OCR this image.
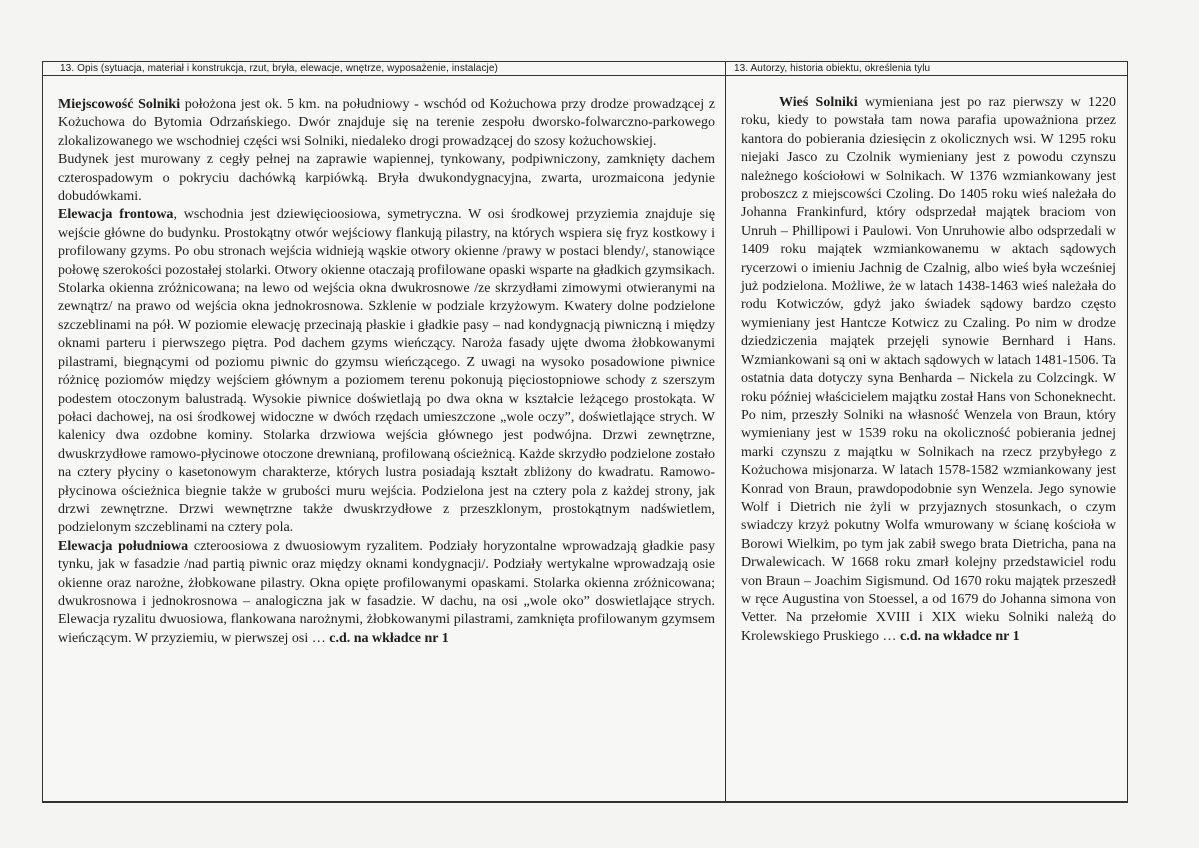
13. Opis (sytuacja, materiał i konstrukcja, rzut, bryła, elewacje, wnętrze, wyposażenie, instalacje)

Miejscowość Solniki położona jest ok. 5 km. na południowy - wschód od Kożuchowa przy drodze prowadzącej z Kożuchowa do Bytomia Odrzańskiego. Dwór znajduje się na terenie zespołu dworsko-folwarczno-parkowego zlokalizowanego we wschodniej części wsi Solniki, niedaleko drogi prowadzącej do szosy kożuchowskiej.

Budynek jest murowany z cegły pełnej na zaprawie wapiennej, tynkowany, podpiwniczony, zamknięty dachem czterospadowym o pokryciu dachówką karpiówką. Bryła dwukondygnacyjna, zwarta, urozmaicona jedynie dobudówkami.

Elewacja frontowa, wschodnia jest dziewięcioosiowa, symetryczna. W osi środkowej przyziemia znajduje się wejście główne do budynku. Prostokątny otwór wejściowy flankują pilastry, na których wspiera się fryz kostkowy i profilowany gzyms. Po obu stronach wejścia widnieją wąskie otwory okienne /prawy w postaci blendy/, stanowiące połowę szerokości pozostałej stolarki. Otwory okienne otaczają profilowane opaski wsparte na gładkich gzymsikach. Stolarka okienna zróżnicowana; na lewo od wejścia okna dwukrosnowe /ze skrzydłami zimowymi otwieranymi na zewnątrz/ na prawo od wejścia okna jednokrosnowa. Szklenie w podziale krzyżowym. Kwatery dolne podzielone szczeblinami na pół. W poziomie elewację przecinają płaskie i gładkie pasy – nad kondygnacją piwniczną i między oknami parteru i pierwszego piętra. Pod dachem gzyms wieńczący. Naroża fasady ujęte dwoma żłobkowanymi pilastrami, biegnącymi od poziomu piwnic do gzymsu wieńczącego. Z uwagi na wysoko posadowione piwnice różnicę poziomów między wejściem głównym a poziomem terenu pokonują pięciostopniowe schody z szerszym podestem otoczonym balustradą. Wysokie piwnice doświetlają po dwa okna w kształcie leżącego prostokąta. W połaci dachowej, na osi środkowej widoczne w dwóch rzędach umieszczone „wole oczy”, doświetlające strych. W kalenicy dwa ozdobne kominy. Stolarka drzwiowa wejścia głównego jest podwójna. Drzwi zewnętrzne, dwuskrzydłowe ramowo-płycinowe otoczone drewnianą, profilowaną ościeżnicą. Każde skrzydło podzielone zostało na cztery płyciny o kasetonowym charakterze, których lustra posiadają kształt zbliżony do kwadratu. Ramowo-płycinowa ościeżnica biegnie także w grubości muru wejścia. Podzielona jest na cztery pola z każdej strony, jak drzwi zewnętrzne. Drzwi wewnętrzne także dwuskrzydłowe z przeszklonym, prostokątnym nadświetlem, podzielonym szczeblinami na cztery pola.

Elewacja południowa czteroosiowa z dwuosiowym ryzalitem. Podziały horyzontalne wprowadzają gładkie pasy tynku, jak w fasadzie /nad partią piwnic oraz między oknami kondygnacji/. Podziały wertykalne wprowadzają osie okienne oraz narożne, żłobkowane pilastry. Okna opięte profilowanymi opaskami. Stolarka okienna zróżnicowana; dwukrosnowa i jednokrosnowa – analogiczna jak w fasadzie. W dachu, na osi „wole oko” doswietlające strych. Elewacja ryzalitu dwuosiowa, flankowana narożnymi, żłobkowanymi pilastrami, zamknięta profilowanym gzymsem wieńczącym. W przyziemiu, w pierwszej osi … c.d. na wkładce nr 1

13. Autorzy, historia obiektu, określenia tylu

Wieś Solniki wymieniana jest po raz pierwszy w 1220 roku, kiedy to powstała tam nowa parafia upoważniona przez kantora do pobierania dziesięcin z okolicznych wsi. W 1295 roku niejaki Jasco zu Czolnik wymieniany jest z powodu czynszu należnego kościołowi w Solnikach. W 1376 wzmiankowany jest proboszcz z miejscowści Czoling. Do 1405 roku wieś należała do Johanna Frankinfurd, który odsprzedał majątek braciom von Unruh – Phillipowi i Paulowi. Von Unruhowie albo odsprzedali w 1409 roku majątek wzmiankowanemu w aktach sądowych rycerzowi o imieniu Jachnig de Czalnig, albo wieś była wcześniej już podzielona. Możliwe, że w latach 1438-1463 wieś należała do rodu Kotwiczów, gdyż jako świadek sądowy bardzo często wymieniany jest Hantcze Kotwicz zu Czaling. Po nim w drodze dziedziczenia majątek przejęli synowie Bernhard i Hans. Wzmiankowani są oni w aktach sądowych w latach 1481-1506. Ta ostatnia data dotyczy syna Benharda – Nickela zu Colzcingk. W roku później właścicielem majątku został Hans von Schoneknecht. Po nim, przeszły Solniki na własność Wenzela von Braun, który wymieniany jest w 1539 roku na okoliczność pobierania jednej marki czynszu z majątku w Solnikach na rzecz przybyłego z Kożuchowa misjonarza. W latach 1578-1582 wzmiankowany jest Konrad von Braun, prawdopodobnie syn Wenzela. Jego synowie Wolf i Dietrich nie żyli w przyjaznych stosunkach, o czym swiadczy krzyż pokutny Wolfa wmurowany w ścianę kościoła w Borowi Wielkim, po tym jak zabił swego brata Dietricha, pana na Drwalewicach. W 1668 roku zmarł kolejny przedstawiciel rodu von Braun – Joachim Sigismund. Od 1670 roku majątek przeszedł w ręce Augustina von Stoessel, a od 1679 do Johanna simona von Vetter. Na przełomie XVIII i XIX wieku Solniki należą do Krolewskiego Pruskiego … c.d. na wkładce nr 1
